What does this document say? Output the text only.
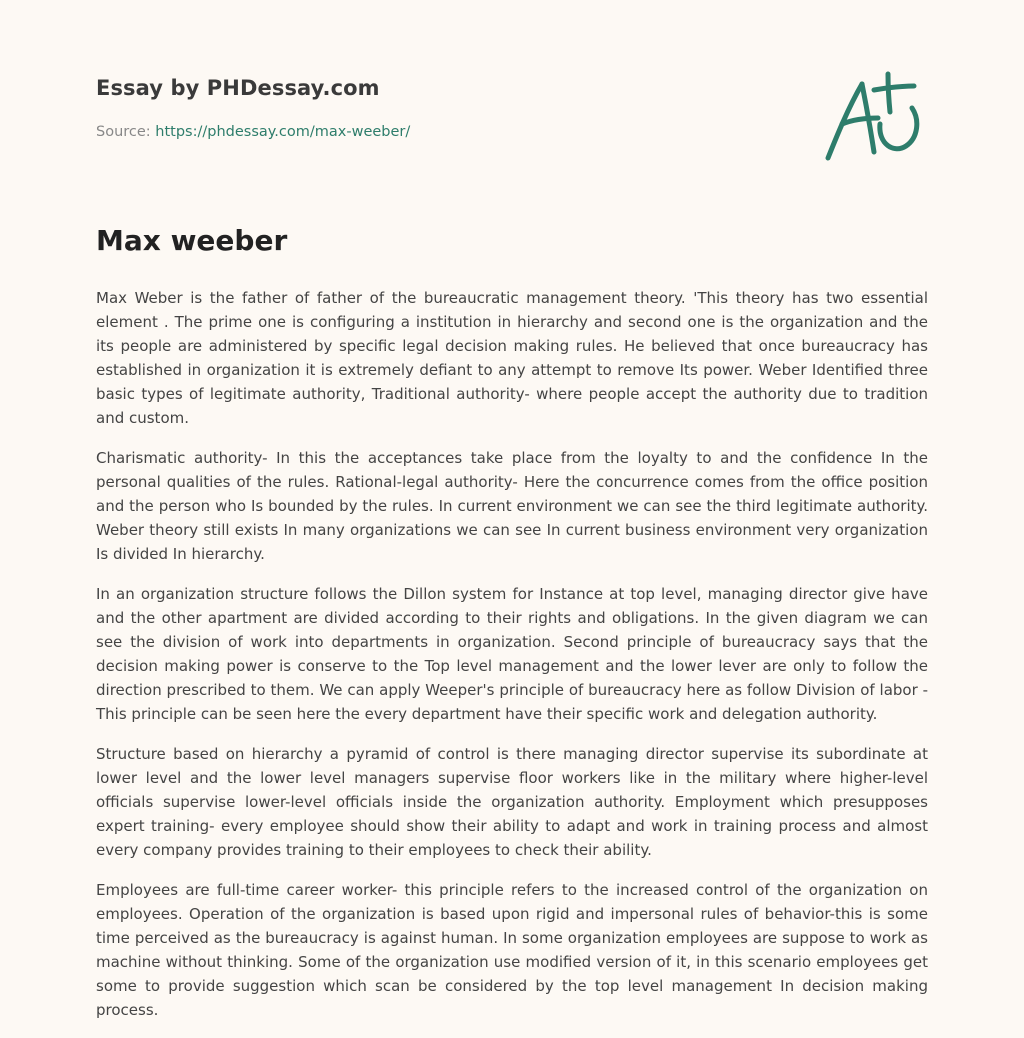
Essay by PHDessay.com
Source: https://phdessay.com/max-weeber/
Max weeber

Max Weber is the father of father of the bureaucratic management theory. 'This theory has two essential element . The prime one is configuring a institution in hierarchy and second one is the organization and the its people are administered by specific legal decision making rules. He believed that once bureaucracy has established in organization it is extremely defiant to any attempt to remove Its power. Weber Identified three basic types of legitimate authority, Traditional authority- where people accept the authority due to tradition and custom.

Charismatic authority- In this the acceptances take place from the loyalty to and the confidence In the personal qualities of the rules. Rational-legal authority- Here the concurrence comes from the office position and the person who Is bounded by the rules. In current environment we can see the third legitimate authority. Weber theory still exists In many organizations we can see In current business environment very organization Is divided In hierarchy.

In an organization structure follows the Dillon system for Instance at top level, managing director give have and the other apartment are divided according to their rights and obligations. In the given diagram we can see the division of work into departments in organization. Second principle of bureaucracy says that the decision making power is conserve to the Top level management and the lower lever are only to follow the direction prescribed to them. We can apply Weeper's principle of bureaucracy here as follow Division of labor -This principle can be seen here the every department have their specific work and delegation authority.

Structure based on hierarchy a pyramid of control is there managing director supervise its subordinate at lower level and the lower level managers supervise floor workers like in the military where higher-level officials supervise lower-level officials inside the organization authority. Employment which presupposes expert training- every employee should show their ability to adapt and work in training process and almost every company provides training to their employees to check their ability.

Employees are full-time career worker- this principle refers to the increased control of the organization on employees. Operation of the organization is based upon rigid and impersonal rules of behavior-this is some time perceived as the bureaucracy is against human. In some organization employees are suppose to work as machine without thinking. Some of the organization use modified version of it, in this scenario employees get some to provide suggestion which scan be considered by the top level management In decision making process.
